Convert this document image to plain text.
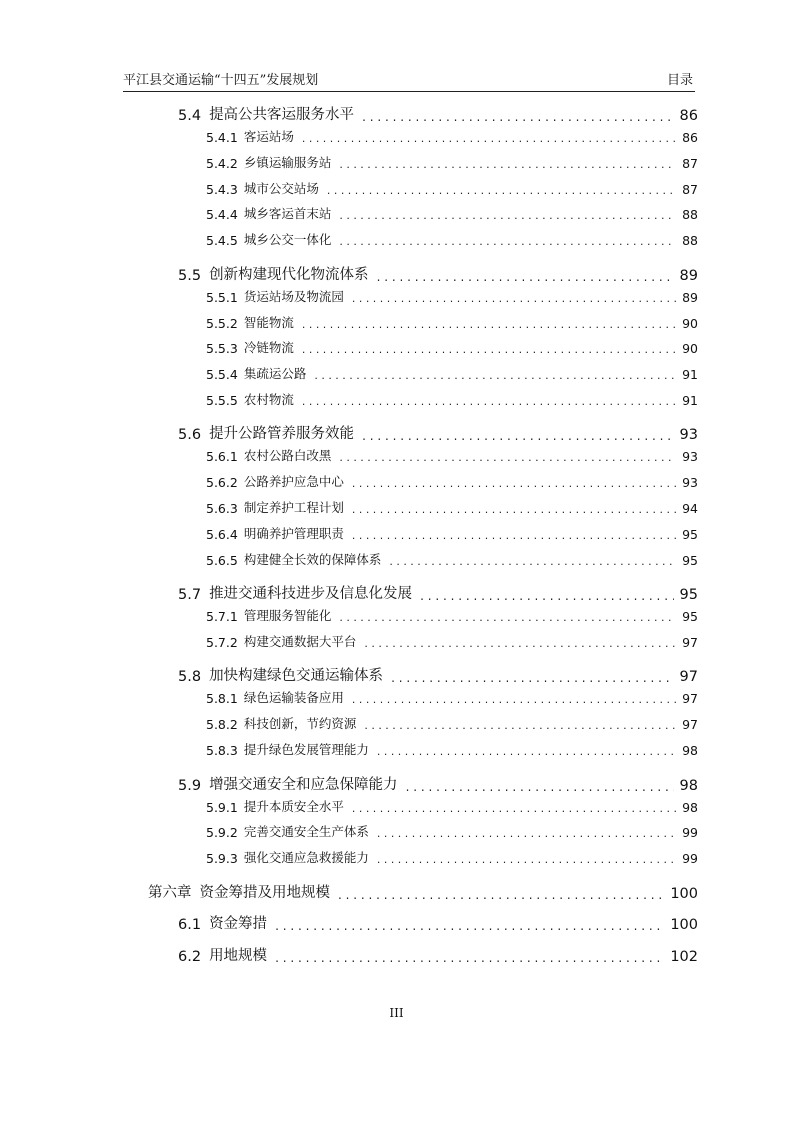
平江县交通运输“十四五”发展规划	目录
5.4 提高公共客运服务水平 . . .	86
5.4.1 客运站场 . . .	86
5.4.2 乡镇运输服务站 . . .	87
5.4.3 城市公交站场 . . .	87
5.4.4 城乡客运首末站 . . .	88
5.4.5 城乡公交一体化 . . .	88
5.5 创新构建现代化物流体系 . . .	89
5.5.1 货运站场及物流园 . . .	89
5.5.2 智能物流 . . .	90
5.5.3 冷链物流 . . .	90
5.5.4 集疏运公路 . . .	91
5.5.5 农村物流 . . .	91
5.6 提升公路管养服务效能 . . .	93
5.6.1 农村公路白改黑 . . .	93
5.6.2 公路养护应急中心 . . .	93
5.6.3 制定养护工程计划 . . .	94
5.6.4 明确养护管理职责 . . .	95
5.6.5 构建健全长效的保障体系 . . .	95
5.7 推进交通科技进步及信息化发展 . . .	95
5.7.1 管理服务智能化 . . .	95
5.7.2 构建交通数据大平台 . . .	97
5.8 加快构建绿色交通运输体系 . . .	97
5.8.1 绿色运输装备应用 . . .	97
5.8.2 科技创新，节约资源 . . .	97
5.8.3 提升绿色发展管理能力 . . .	98
5.9 增强交通安全和应急保障能力 . . .	98
5.9.1 提升本质安全水平 . . .	98
5.9.2 完善交通安全生产体系 . . .	99
5.9.3 强化交通应急救援能力 . . .	99
第六章 资金筹措及用地规模 . . .	100
6.1 资金筹措 . . .	100
6.2 用地规模 . . .	102
III
